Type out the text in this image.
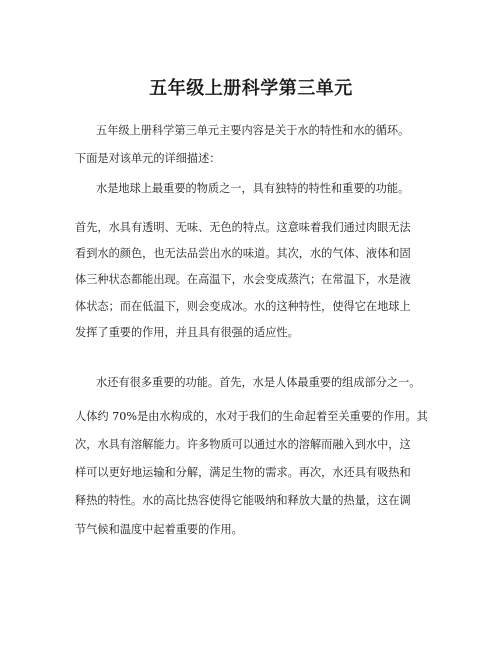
五年级上册科学第三单元

五年级上册科学第三单元主要内容是关于水的特性和水的循环。

下面是对该单元的详细描述：

水是地球上最重要的物质之一，具有独特的特性和重要的功能。

首先，水具有透明、无味、无色的特点。这意味着我们通过肉眼无法

看到水的颜色，也无法品尝出水的味道。其次，水的气体、液体和固

体三种状态都能出现。在高温下，水会变成蒸汽；在常温下，水是液

体状态；而在低温下，则会变成冰。水的这种特性，使得它在地球上

发挥了重要的作用，并且具有很强的适应性。

水还有很多重要的功能。首先，水是人体最重要的组成部分之一。

人体约 70%是由水构成的，水对于我们的生命起着至关重要的作用。其

次，水具有溶解能力。许多物质可以通过水的溶解而融入到水中，这

样可以更好地运输和分解，满足生物的需求。再次，水还具有吸热和

释热的特性。水的高比热容使得它能吸纳和释放大量的热量，这在调

节气候和温度中起着重要的作用。
